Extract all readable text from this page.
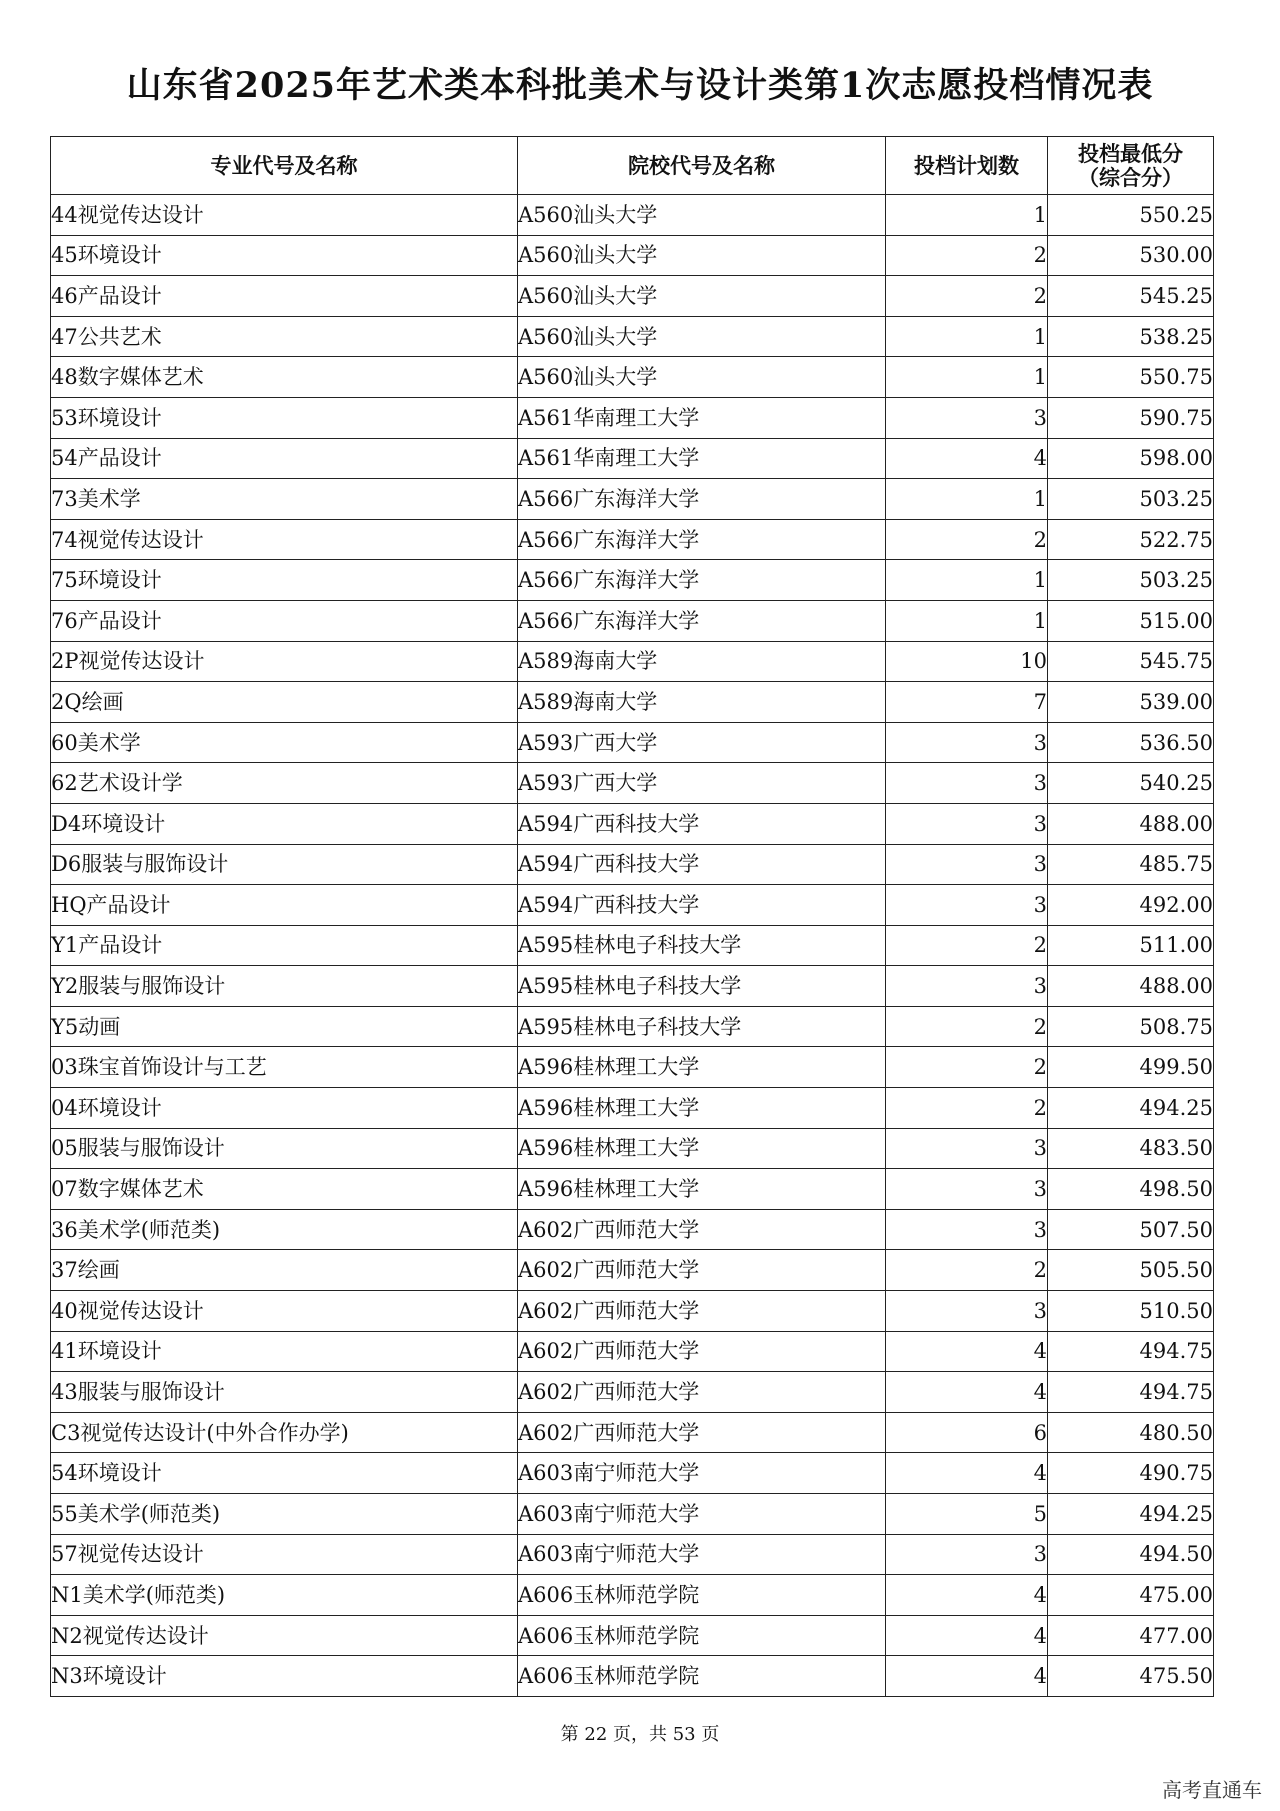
山东省2025年艺术类本科批美术与设计类第1次志愿投档情况表
专业代号及名称	院校代号及名称	投档计划数	投档最低分
（综合分）

44视觉传达设计	A560汕头大学	1	550.25
45环境设计	A560汕头大学	2	530.00
46产品设计	A560汕头大学	2	545.25
47公共艺术	A560汕头大学	1	538.25
48数字媒体艺术	A560汕头大学	1	550.75
53环境设计	A561华南理工大学	3	590.75
54产品设计	A561华南理工大学	4	598.00
73美术学	A566广东海洋大学	1	503.25
74视觉传达设计	A566广东海洋大学	2	522.75
75环境设计	A566广东海洋大学	1	503.25
76产品设计	A566广东海洋大学	1	515.00
2P视觉传达设计	A589海南大学	10	545.75
2Q绘画	A589海南大学	7	539.00
60美术学	A593广西大学	3	536.50
62艺术设计学	A593广西大学	3	540.25
D4环境设计	A594广西科技大学	3	488.00
D6服装与服饰设计	A594广西科技大学	3	485.75
HQ产品设计	A594广西科技大学	3	492.00
Y1产品设计	A595桂林电子科技大学	2	511.00
Y2服装与服饰设计	A595桂林电子科技大学	3	488.00
Y5动画	A595桂林电子科技大学	2	508.75
03珠宝首饰设计与工艺	A596桂林理工大学	2	499.50
04环境设计	A596桂林理工大学	2	494.25
05服装与服饰设计	A596桂林理工大学	3	483.50
07数字媒体艺术	A596桂林理工大学	3	498.50
36美术学(师范类)	A602广西师范大学	3	507.50
37绘画	A602广西师范大学	2	505.50
40视觉传达设计	A602广西师范大学	3	510.50
41环境设计	A602广西师范大学	4	494.75
43服装与服饰设计	A602广西师范大学	4	494.75
C3视觉传达设计(中外合作办学)	A602广西师范大学	6	480.50
54环境设计	A603南宁师范大学	4	490.75
55美术学(师范类)	A603南宁师范大学	5	494.25
57视觉传达设计	A603南宁师范大学	3	494.50
N1美术学(师范类)	A606玉林师范学院	4	475.00
N2视觉传达设计	A606玉林师范学院	4	477.00
N3环境设计	A606玉林师范学院	4	475.50
第 22 页，共 53 页
高考直通车
